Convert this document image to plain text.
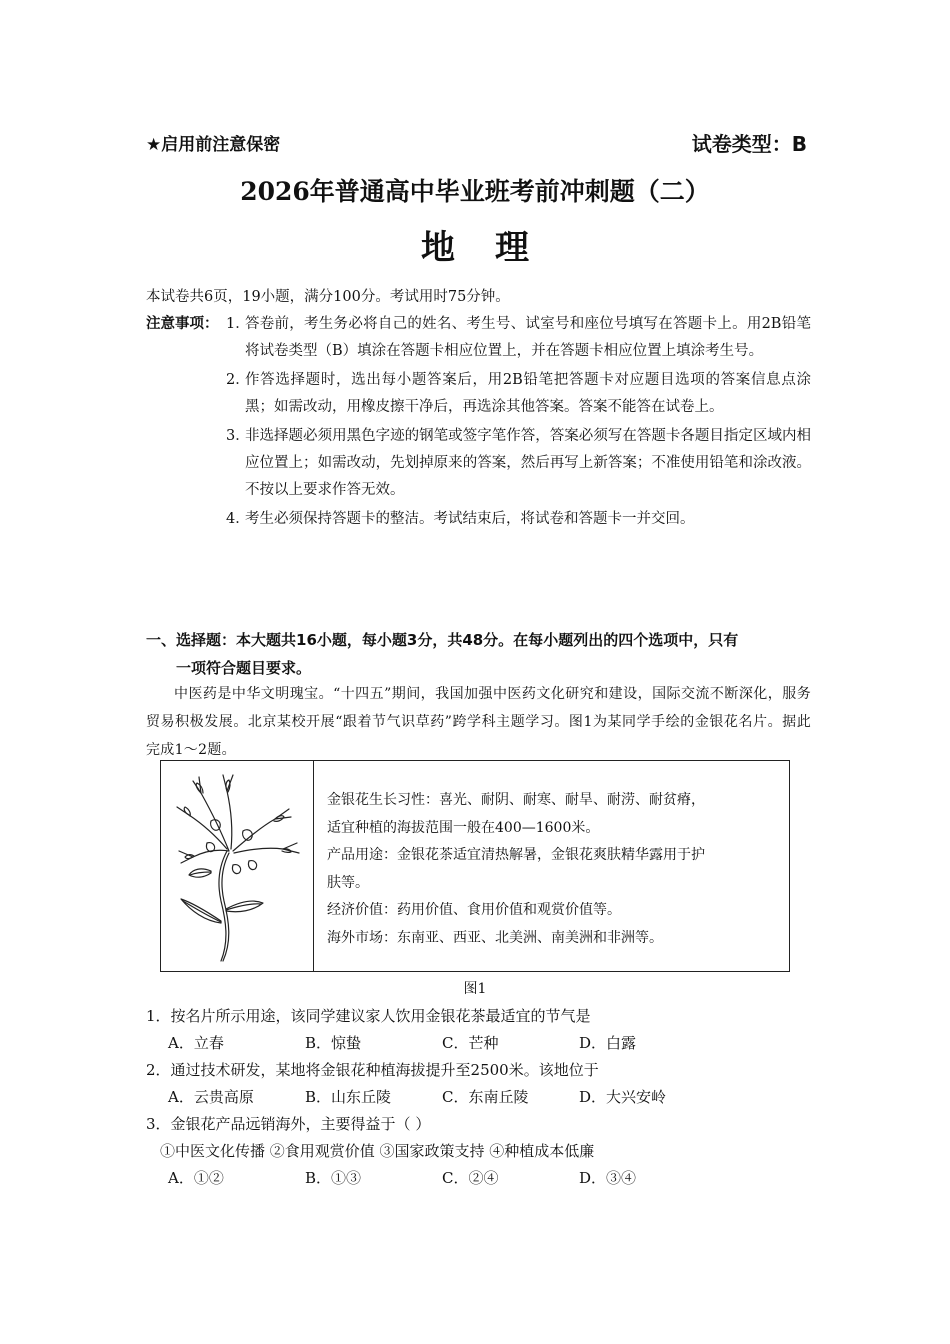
★启用前注意保密	试卷类型：B
2026年普通高中毕业班考前冲刺题（二）
地理
本试卷共6页，19小题，满分100分。考试用时75分钟。
注意事项： 1．
答卷前，考生务必将自己的姓名、考生号、试室号和座位号填写在答题卡上。用2B铅笔将试卷类型（B）填涂在答题卡相应位置上，并在答题卡相应位置上填涂考生号。
2．
作答选择题时，选出每小题答案后，用2B铅笔把答题卡对应题目选项的答案信息点涂黑；如需改动，用橡皮擦干净后，再选涂其他答案。答案不能答在试卷上。
3．
非选择题必须用黑色字迹的钢笔或签字笔作答，答案必须写在答题卡各题目指定区域内相应位置上；如需改动，先划掉原来的答案，然后再写上新答案；不准使用铅笔和涂改液。不按以上要求作答无效。
4．
考生必须保持答题卡的整洁。考试结束后，将试卷和答题卡一并交回。
一、选择题：本大题共16小题，每小题3分，共48分。在每小题列出的四个选项中，只有
一项符合题目要求。
中医药是中华文明瑰宝。“十四五”期间，我国加强中医药文化研究和建设，国际交流不断深化，服务贸易积极发展。北京某校开展“跟着节气识草药”跨学科主题学习。图1为某同学手绘的金银花名片。据此完成1～2题。
金银花生长习性：喜光、耐阴、耐寒、耐旱、耐涝、耐贫瘠，
适宜种植的海拔范围一般在400—1600米。
产品用途：金银花茶适宜清热解暑，金银花爽肤精华露用于护
肤等。
经济价值：药用价值、食用价值和观赏价值等。
海外市场：东南亚、西亚、北美洲、南美洲和非洲等。
图1
1．按名片所示用途，该同学建议家人饮用金银花茶最适宜的节气是
A．立春	B．惊蛰	C．芒种	D．白露
2．通过技术研发，某地将金银花种植海拔提升至2500米。该地位于
A．云贵高原	B．山东丘陵	C．东南丘陵	D．大兴安岭
3．金银花产品远销海外，主要得益于（ ）
①中医文化传播 ②食用观赏价值 ③国家政策支持 ④种植成本低廉
A．①②	B．①③	C．②④	D．③④
